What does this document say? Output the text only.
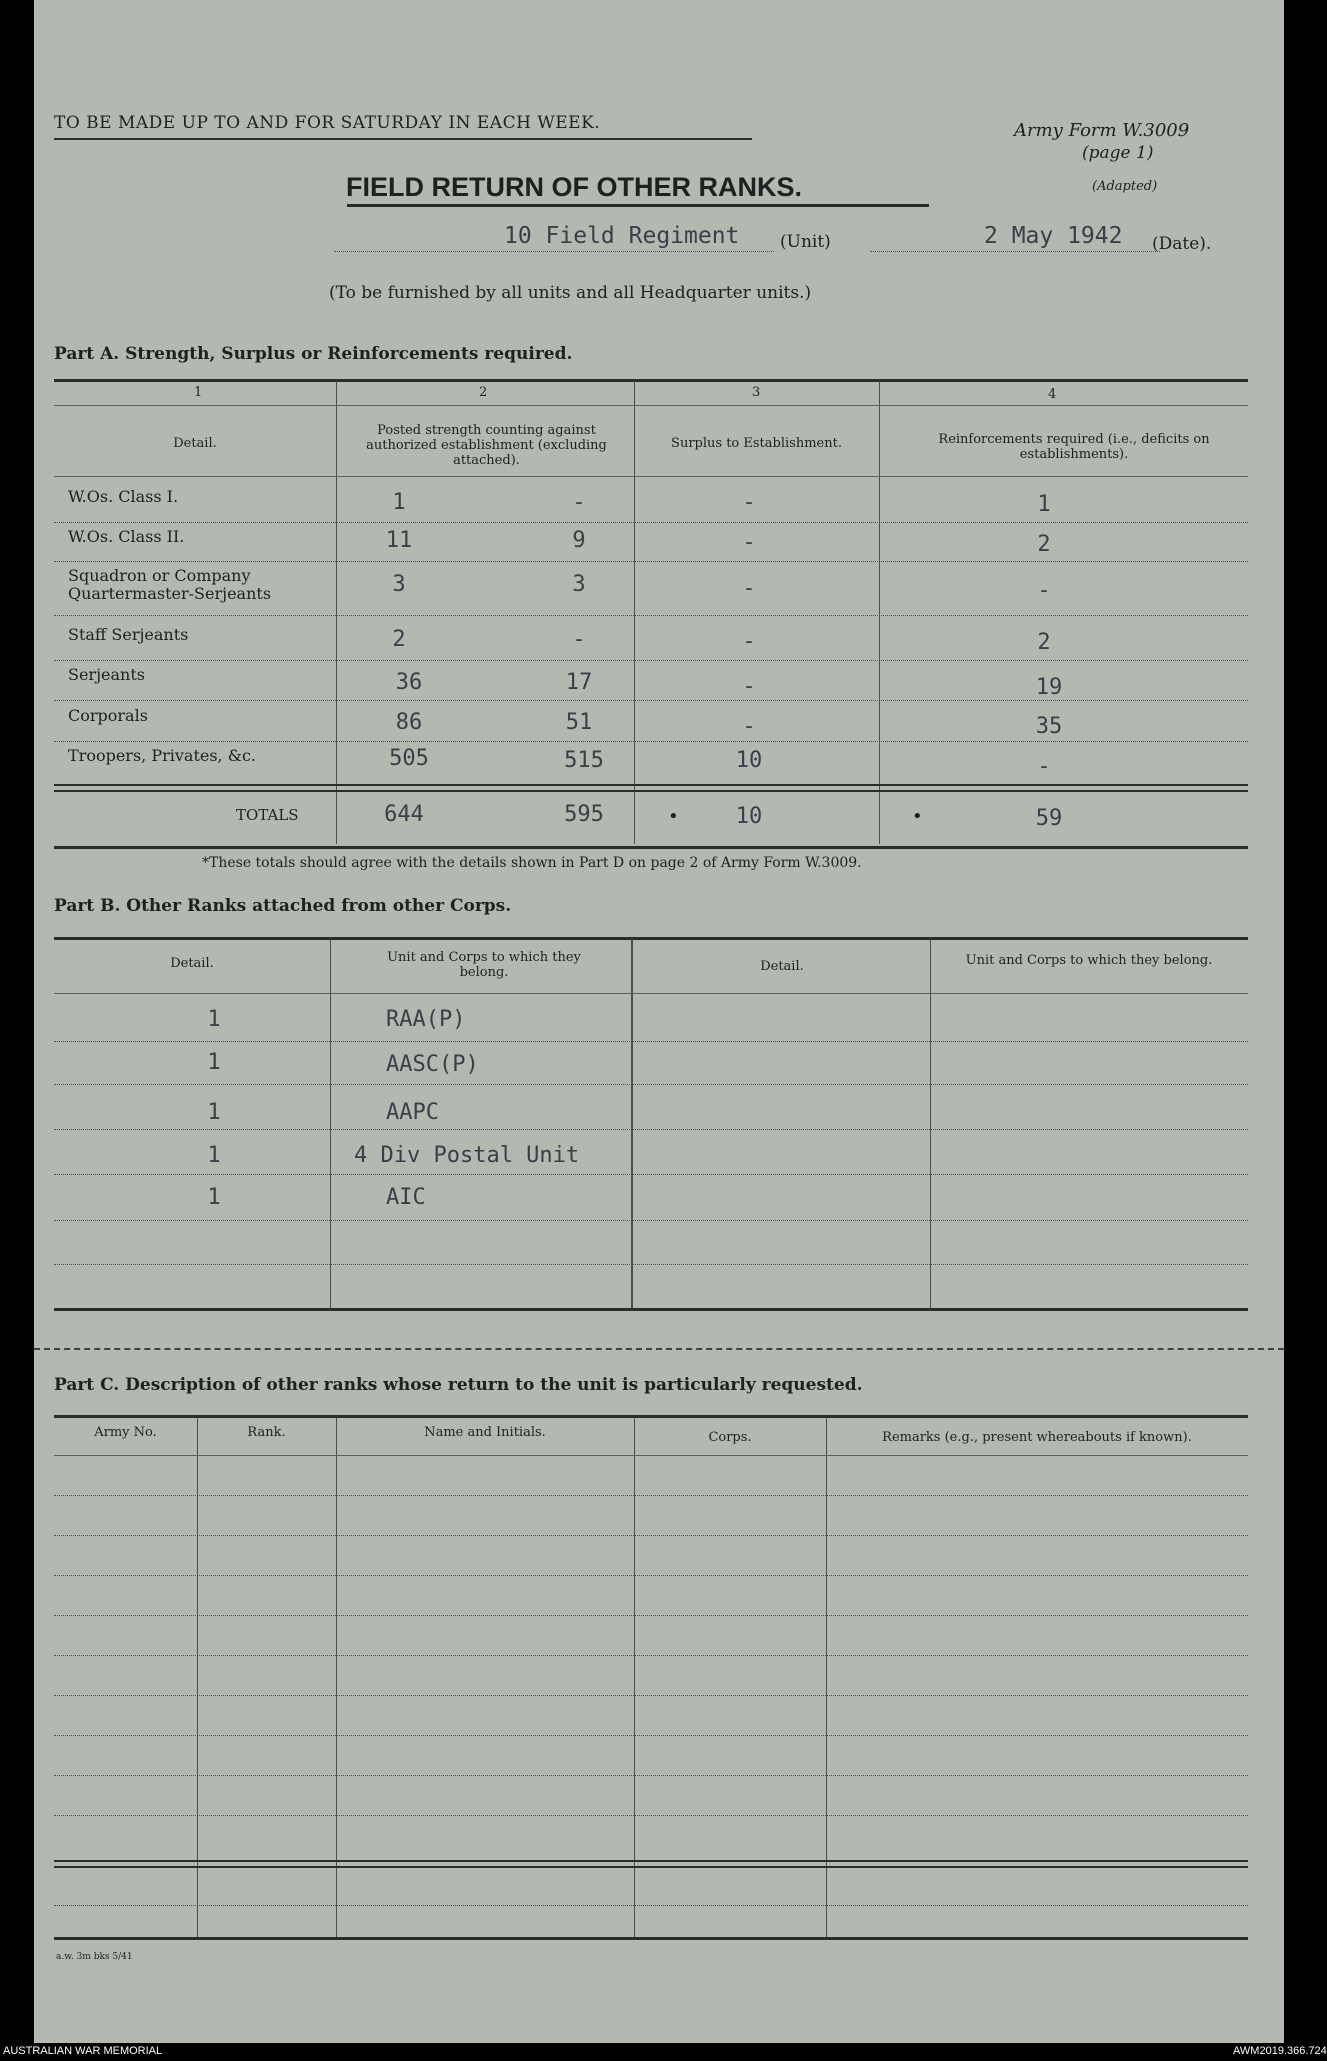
TO BE MADE UP TO AND FOR SATURDAY IN EACH WEEK.	Army Form W.3009
(page 1)
(Adapted)
FIELD RETURN OF OTHER RANKS.
10 Field Regiment (Unit)	2 May 1942 (Date).
(To be furnished by all units and all Headquarter units.)
Part A. Strength, Surplus or Reinforcements required.
1	2	3	4
Detail.
Posted strength counting against authorized establishment (excluding attached).
Surplus to Establishment.	Reinforcements required (i.e., deficits on establishments).
W.Os. Class I.	1	-	-	1
W.Os. Class II.	11	9	-	2
Squadron or Company Quartermaster-Serjeants	3	3	-	-
Staff Serjeants	2	-	-	2
Serjeants	36	17	-	19
Corporals	86	51	-	35
Troopers, Privates, &c.	505	515	10	-
TOTALS	644	595	•	10	•	59
*These totals should agree with the details shown in Part D on page 2 of Army Form W.3009.
Part B. Other Ranks attached from other Corps.
Detail.	Unit and Corps to which they belong.	Detail.	Unit and Corps to which they belong.
1	RAA(P)
1	AASC(P)
1	AAPC
1	4 Div Postal Unit
1	AIC
Part C. Description of other ranks whose return to the unit is particularly requested.
Army No.	Rank.	Name and Initials.	Corps.	Remarks (e.g., present whereabouts if known).
a.w. 3m bks 5/41
AUSTRALIAN WAR MEMORIAL	AWM2019.366.724
